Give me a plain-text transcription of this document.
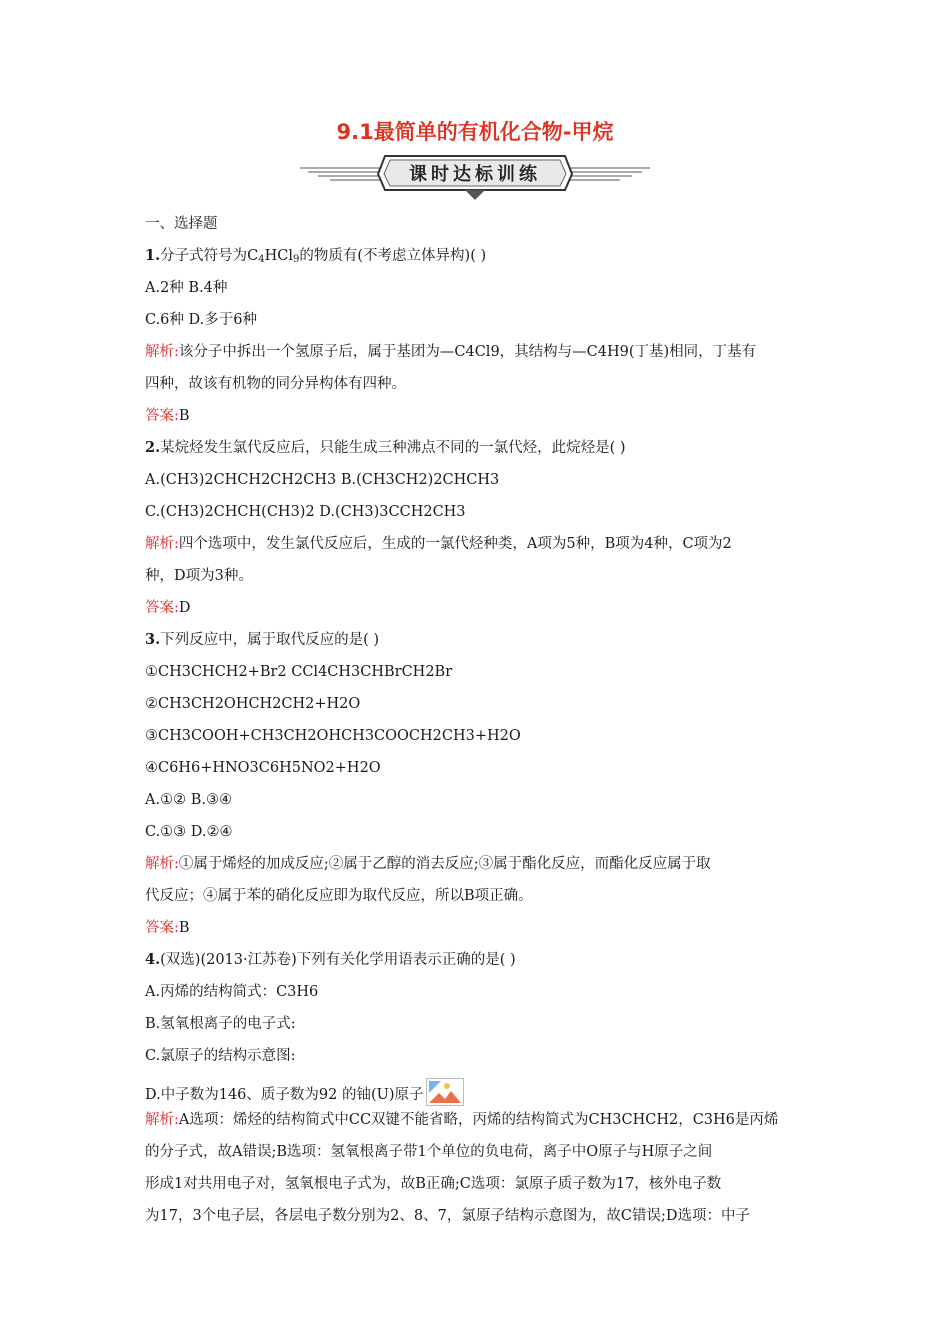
9.1最简单的有机化合物-甲烷
课时达标训练
一、选择题
1.分子式符号为$C_4HCl_9$的物质有(不考虑立体异构)( )
A.2种 B.4种
C.6种 D.多于6种
解析:该分子中拆出一个氢原子后，属于基团为—C4Cl9，其结构与—C4H9(丁基)相同，丁基有
四种，故该有机物的同分异构体有四种。
答案:B
2.某烷烃发生氯代反应后，只能生成三种沸点不同的一氯代烃，此烷烃是( )
A.(CH3)2CHCH2CH2CH3 B.(CH3CH2)2CHCH3
C.(CH3)2CHCH(CH3)2 D.(CH3)3CCH2CH3
解析:四个选项中，发生氯代反应后，生成的一氯代烃种类，A项为5种，B项为4种，C项为2
种，D项为3种。
答案:D
3.下列反应中，属于取代反应的是( )
①CH3CHCH2+Br2 CCl4CH3CHBrCH2Br
②CH3CH2OHCH2CH2+H2O
③CH3COOH+CH3CH2OHCH3COOCH2CH3+H2O
④C6H6+HNO3C6H5NO2+H2O
A.①② B.③④
C.①③ D.②④
解析:①属于烯烃的加成反应;②属于乙醇的消去反应;③属于酯化反应，而酯化反应属于取
代反应；④属于苯的硝化反应即为取代反应，所以B项正确。
答案:B
4.(双选)(2013·江苏卷)下列有关化学用语表示正确的是( )
A.丙烯的结构简式：C3H6
B.氢氧根离子的电子式:
C.氯原子的结构示意图:
D.中子数为146、质子数为92 的铀(U)原子
解析:A选项：烯烃的结构简式中CC双键不能省略，丙烯的结构简式为CH3CHCH2，C3H6是丙烯
的分子式，故A错误;B选项：氢氧根离子带1个单位的负电荷，离子中O原子与H原子之间
形成1对共用电子对，氢氧根电子式为，故B正确;C选项：氯原子质子数为17，核外电子数
为17，3个电子层，各层电子数分别为2、8、7，氯原子结构示意图为，故C错误;D选项：中子
